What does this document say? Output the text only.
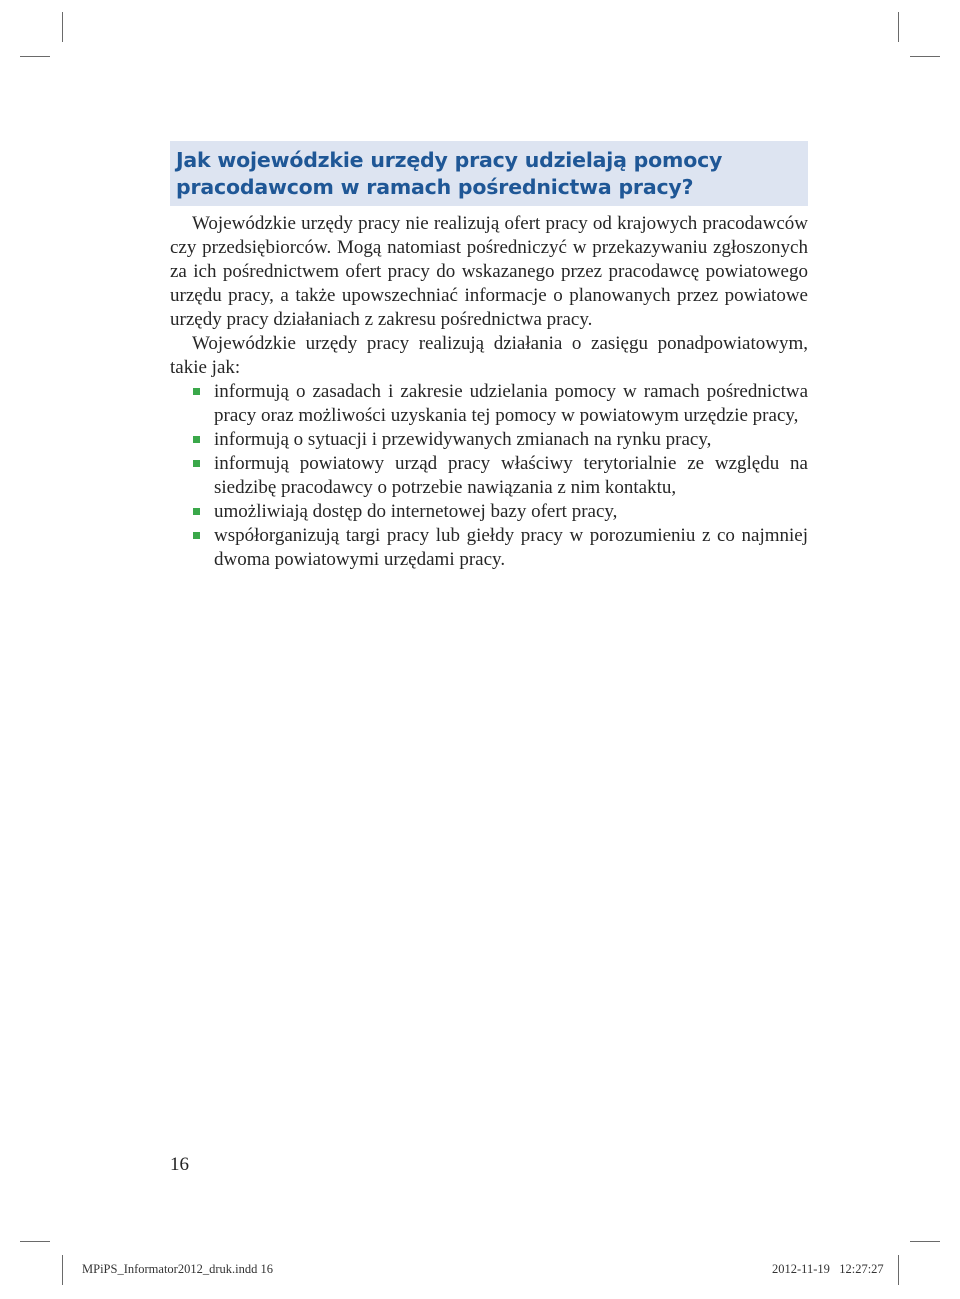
Jak wojewódzkie urzędy pracy udzielają pomocy
pracodawcom w ramach pośrednictwa pracy?

Wojewódzkie urzędy pracy nie realizują ofert pracy od krajowych pracodawców czy przedsiębiorców. Mogą natomiast pośredniczyć w przekazywaniu zgłoszonych za ich pośrednictwem ofert pracy do wskazanego przez pracodawcę powiatowego urzędu pracy, a także upowszechniać informacje o planowanych przez powiatowe urzędy pracy działaniach z zakresu pośrednictwa pracy.

Wojewódzkie urzędy pracy realizują działania o zasięgu ponadpowiatowym, takie jak:

informują o zasadach i zakresie udzielania pomocy w ramach pośrednictwa pracy oraz możliwości uzyskania tej pomocy w powiatowym urzędzie pracy,
informują o sytuacji i przewidywanych zmianach na rynku pracy,
informują powiatowy urząd pracy właściwy terytorialnie ze względu na siedzibę pracodawcy o potrzebie nawiązania z nim kontaktu,
umożliwiają dostęp do internetowej bazy ofert pracy,
współorganizują targi pracy lub giełdy pracy w porozumieniu z co najmniej dwoma powiatowymi urzędami pracy.
16
MPiPS_Informator2012_druk.indd 16	2012-11-19   12:27:27
